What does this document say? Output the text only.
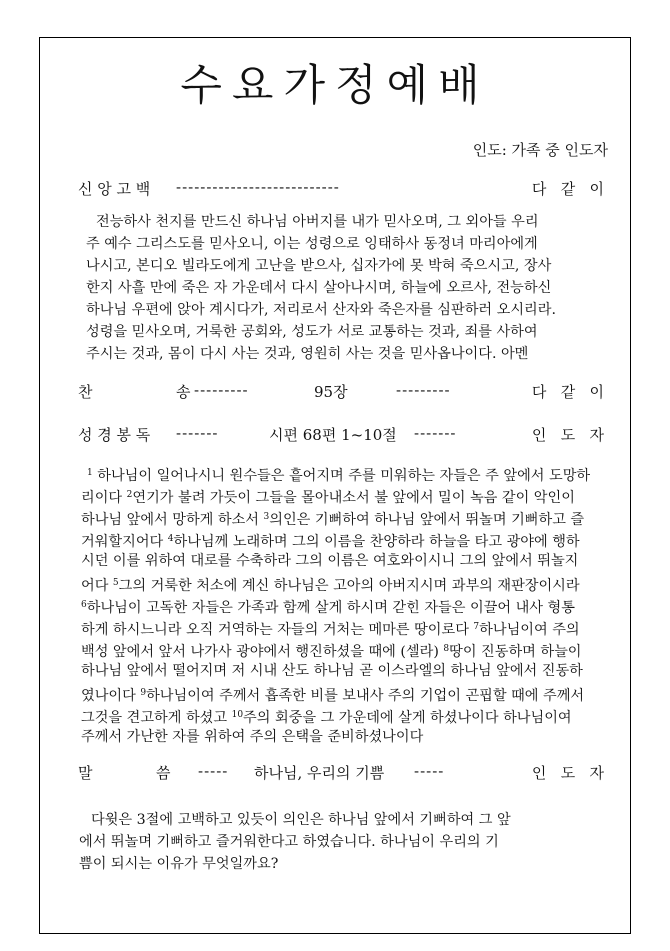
수요가정예배
인도: 가족 중 인도자
신 앙 고 백 ---------------------------	다   같   이
전능하사 천지를 만드신 하나님 아버지를 내가 믿사오며, 그 외아들 우리
주 예수 그리스도를 믿사오니, 이는 성령으로 잉태하사 동정녀 마리아에게
나시고, 본디오 빌라도에게 고난을 받으사, 십자가에 못 박혀 죽으시고, 장사
한지 사흘 만에 죽은 자 가운데서 다시 살아나시며, 하늘에 오르사, 전능하신
하나님 우편에 앉아 계시다가, 저리로서 산자와 죽은자를 심판하러 오시리라.
성령을 믿사오며, 거룩한 공회와, 성도가 서로 교통하는 것과, 죄를 사하여
주시는 것과, 몸이 다시 사는 것과, 영원히 사는 것을 믿사옵나이다. 아멘
찬	송 ---------	95장	---------	다   같   이
성 경 봉 독 -------	시편 68편 1~10절 -------	인   도   자
$^1$ 하나님이 일어나시니 원수들은 흩어지며 주를 미워하는 자들은 주 앞에서 도망하
리이다 $^2$연기가 불려 가듯이 그들을 몰아내소서 불 앞에서 밀이 녹음 같이 악인이
하나님 앞에서 망하게 하소서 $^3$의인은 기뻐하여 하나님 앞에서 뛰놀며 기뻐하고 즐
거워할지어다 $^4$하나님께 노래하며 그의 이름을 찬양하라 하늘을 타고 광야에 행하
시던 이를 위하여 대로를 수축하라 그의 이름은 여호와이시니 그의 앞에서 뛰놀지
어다 $^5$그의 거룩한 처소에 계신 하나님은 고아의 아버지시며 과부의 재판장이시라
$^6$하나님이 고독한 자들은 가족과 함께 살게 하시며 갇힌 자들은 이끌어 내사 형통
하게 하시느니라 오직 거역하는 자들의 거처는 메마른 땅이로다 $^7$하나님이여 주의
백성 앞에서 앞서 나가사 광야에서 행진하셨을 때에 (셀라) $^8$땅이 진동하며 하늘이
하나님 앞에서 떨어지며 저 시내 산도 하나님 곧 이스라엘의 하나님 앞에서 진동하
였나이다 $^9$하나님이여 주께서 흡족한 비를 보내사 주의 기업이 곤핍할 때에 주께서
그것을 견고하게 하셨고 $^{10}$주의 회중을 그 가운데에 살게 하셨나이다 하나님이여
주께서 가난한 자를 위하여 주의 은택을 준비하셨나이다
말	씀 ----- 하나님, 우리의 기쁨 -----	인   도   자
다윗은 3절에 고백하고 있듯이 의인은 하나님 앞에서 기뻐하여 그 앞
에서 뛰놀며 기뻐하고 즐거워한다고 하였습니다. 하나님이 우리의 기
쁨이 되시는 이유가 무엇일까요?
